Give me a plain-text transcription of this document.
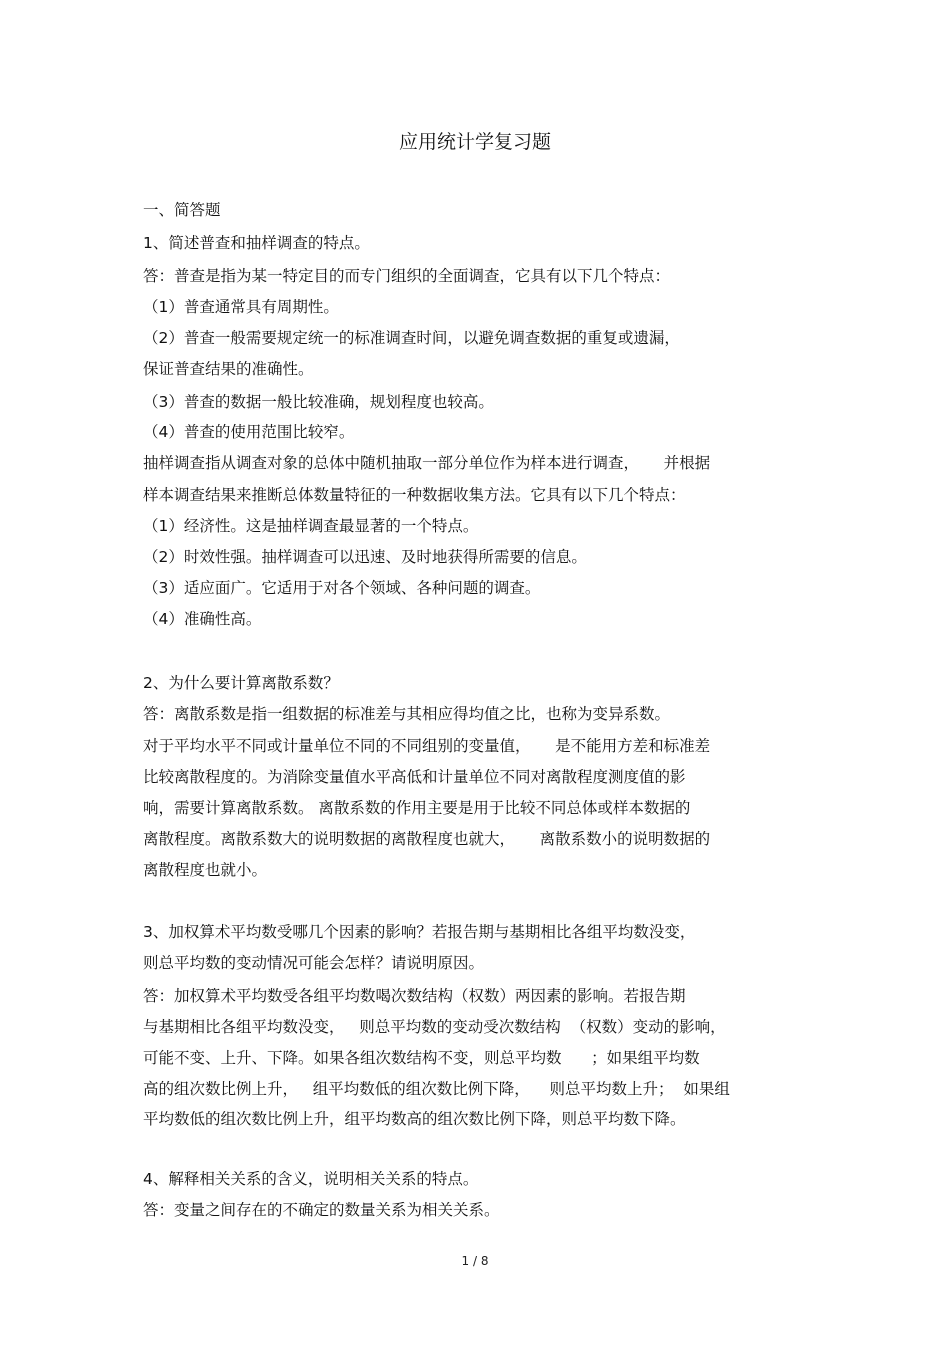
应用统计学复习题
一、简答题
1、简述普查和抽样调查的特点。
答：普查是指为某一特定目的而专门组织的全面调查，它具有以下几个特点：
（1）普查通常具有周期性。
（2）普查一般需要规定统一的标准调查时间，以避免调查数据的重复或遗漏，
保证普查结果的准确性。
（3）普查的数据一般比较准确，规划程度也较高。
（4）普查的使用范围比较窄。
抽样调查指从调查对象的总体中随机抽取一部分单位作为样本进行调查，     并根据
样本调查结果来推断总体数量特征的一种数据收集方法。它具有以下几个特点：
（1）经济性。这是抽样调查最显著的一个特点。
（2）时效性强。抽样调查可以迅速、及时地获得所需要的信息。
（3）适应面广。它适用于对各个领域、各种问题的调查。
（4）准确性高。
2、为什么要计算离散系数？
答：离散系数是指一组数据的标准差与其相应得均值之比，也称为变异系数。
对于平均水平不同或计量单位不同的不同组别的变量值，     是不能用方差和标准差
比较离散程度的。为消除变量值水平高低和计量单位不同对离散程度测度值的影
响，需要计算离散系数。 离散系数的作用主要是用于比较不同总体或样本数据的
离散程度。离散系数大的说明数据的离散程度也就大，     离散系数小的说明数据的
离散程度也就小。
3、加权算术平均数受哪几个因素的影响？若报告期与基期相比各组平均数没变，
则总平均数的变动情况可能会怎样？请说明原因。
答：加权算术平均数受各组平均数喝次数结构（权数）两因素的影响。若报告期
与基期相比各组平均数没变，   则总平均数的变动受次数结构  （权数）变动的影响，
可能不变、上升、下降。如果各组次数结构不变，则总平均数      ；如果组平均数
高的组次数比例上升，   组平均数低的组次数比例下降，    则总平均数上升；  如果组
平均数低的组次数比例上升，组平均数高的组次数比例下降，则总平均数下降。
4、解释相关关系的含义，说明相关关系的特点。
答：变量之间存在的不确定的数量关系为相关关系。
1 / 8
